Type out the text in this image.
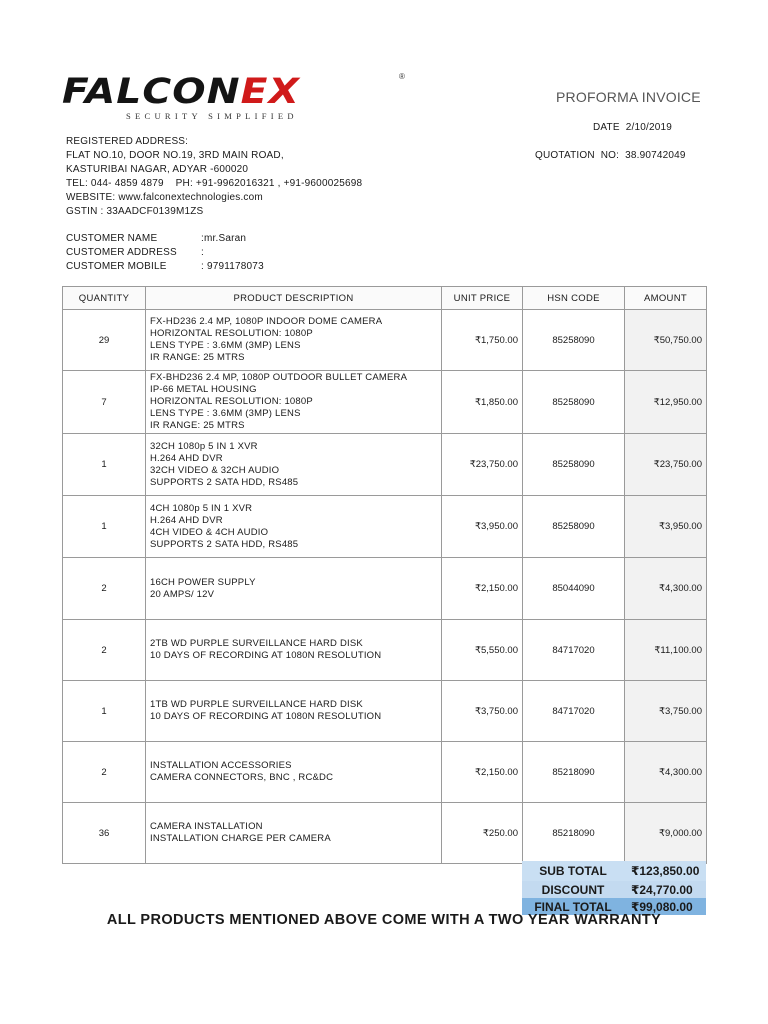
FALCONEX	®
SECURITY SIMPLIFIED
PROFORMA INVOICE
DATE 2/10/2019
QUOTATION  NO: 38.90742049
REGISTERED ADDRESS:
FLAT NO.10, DOOR NO.19, 3RD MAIN ROAD,
KASTURIBAI NAGAR, ADYAR -600020
TEL: 044- 4859 4879    PH: +91-9962016321 , +91-9600025698
WEBSITE: www.falconextechnologies.com
GSTIN : 33AADCF0139M1ZS
CUSTOMER NAME	:mr.Saran
CUSTOMER ADDRESS	:
CUSTOMER MOBILE	: 9791178073
QUANTITY	PRODUCT DESCRIPTION	UNIT PRICE	HSN CODE	AMOUNT
29	FX-HD236 2.4 MP, 1080P INDOOR DOME CAMERA
HORIZONTAL RESOLUTION: 1080P
LENS TYPE : 3.6MM (3MP) LENS
IR RANGE: 25 MTRS	₹1,750.00	85258090	₹50,750.00
7	FX-BHD236 2.4 MP, 1080P OUTDOOR BULLET CAMERA
IP-66 METAL HOUSING
HORIZONTAL RESOLUTION: 1080P
LENS TYPE : 3.6MM (3MP) LENS
IR RANGE: 25 MTRS	₹1,850.00	85258090	₹12,950.00
1	32CH 1080p 5 IN 1 XVR
H.264 AHD DVR
32CH VIDEO & 32CH AUDIO
SUPPORTS 2 SATA HDD, RS485	₹23,750.00	85258090	₹23,750.00
1	4CH 1080p 5 IN 1 XVR
H.264 AHD DVR
4CH VIDEO & 4CH AUDIO
SUPPORTS 2 SATA HDD, RS485	₹3,950.00	85258090	₹3,950.00
2	16CH POWER SUPPLY
20 AMPS/ 12V	₹2,150.00	85044090	₹4,300.00
2	2TB WD PURPLE SURVEILLANCE HARD DISK
10 DAYS OF RECORDING AT 1080N RESOLUTION	₹5,550.00	84717020	₹11,100.00
1	1TB WD PURPLE SURVEILLANCE HARD DISK
10 DAYS OF RECORDING AT 1080N RESOLUTION	₹3,750.00	84717020	₹3,750.00
2	INSTALLATION ACCESSORIES
CAMERA CONNECTORS, BNC , RC&DC	₹2,150.00	85218090	₹4,300.00
36	CAMERA INSTALLATION
INSTALLATION CHARGE PER CAMERA	₹250.00	85218090	₹9,000.00
SUB TOTAL	₹123,850.00
DISCOUNT	₹24,770.00
FINAL TOTAL	₹99,080.00
ALL PRODUCTS MENTIONED ABOVE COME WITH A TWO YEAR WARRANTY
